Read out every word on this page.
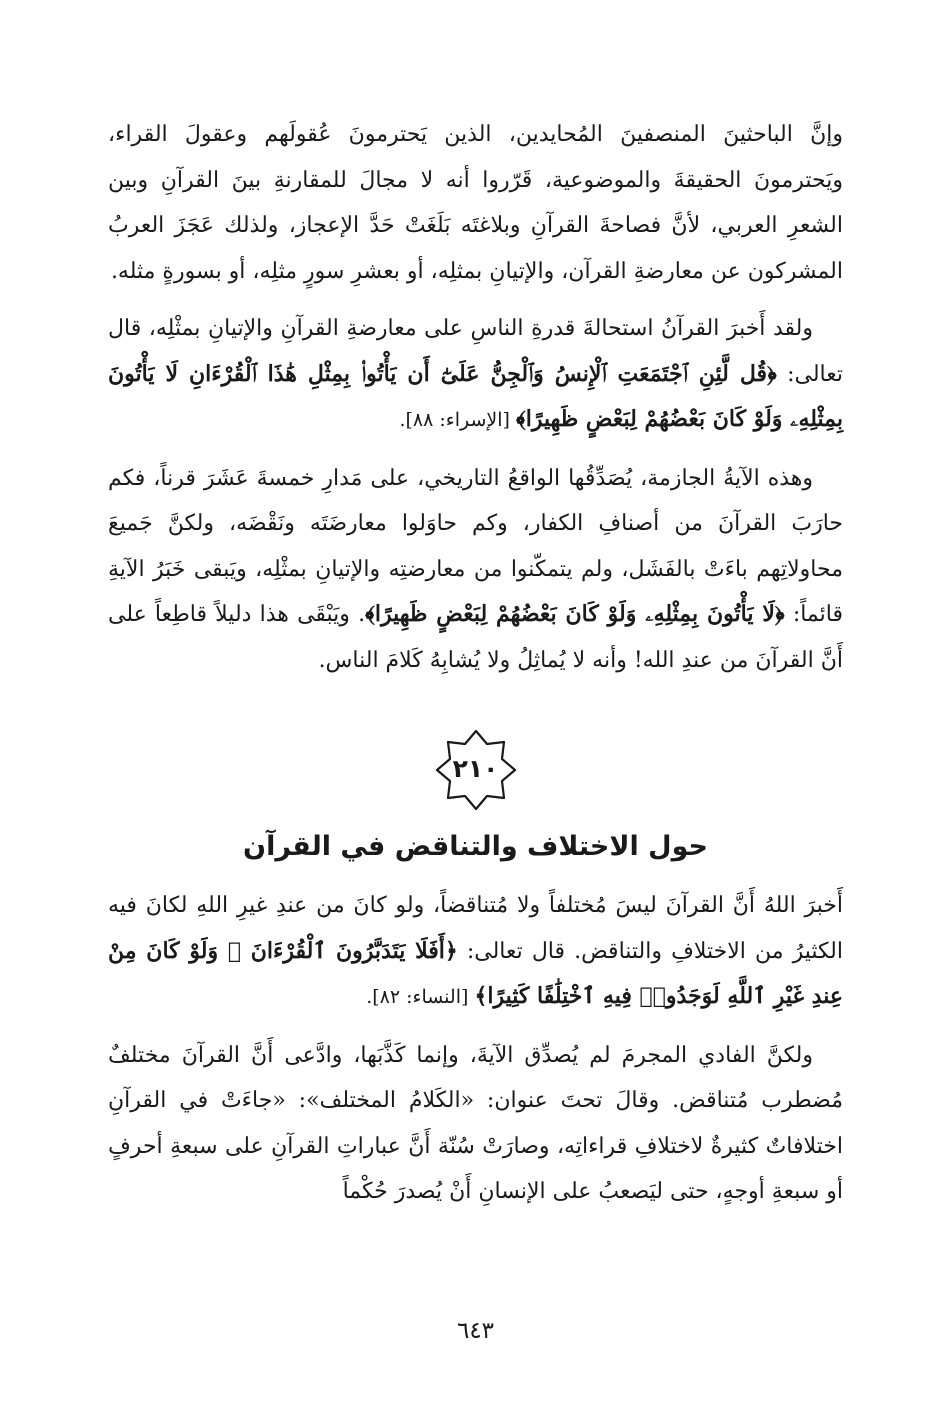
وإنَّ الباحثينَ المنصفينَ المُحايدين، الذين يَحترمونَ عُقولَهم وعقولَ القراء، ويَحترمونَ الحقيقةَ والموضوعية، قَرّروا أنه لا مجالَ للمقارنةِ بينَ القرآنِ وبين الشعرِ العربي، لأنَّ فصاحةَ القرآنِ وبلاغتَه بَلَغَتْ حَدَّ الإعجاز، ولذلك عَجَزَ العربُ المشركون عن معارضةِ القرآن، والإتيانِ بمثلِه، أو بعشرِ سورٍ مثلِه، أو بسورةٍ مثله.

ولقد أَخبرَ القرآنُ استحالةَ قدرةِ الناسِ على معارضةِ القرآنِ والإتيانِ بمثْلِه، قال تعالى: ﴿قُل لَّئِنِ ٱجْتَمَعَتِ ٱلْإِنسُ وَٱلْجِنُّ عَلَىٰٓ أَن يَأْتُوا۟ بِمِثْلِ هَٰذَا ٱلْقُرْءَانِ لَا يَأْتُونَ بِمِثْلِهِۦ وَلَوْ كَانَ بَعْضُهُمْ لِبَعْضٍ ظَهِيرًا﴾ [الإسراء: ٨٨].

وهذه الآيةُ الجازمة، يُصَدِّقُها الواقعُ التاريخي، على مَدارِ خمسةَ عَشَرَ قرناً، فكم حارَبَ القرآنَ من أصنافِ الكفار، وكم حاوَلوا معارضَتَه ونَقْضَه، ولكنَّ جَميعَ محاولاتِهم باءَتْ بالفَشَل، ولم يتمكّنوا من معارضتِه والإتيانِ بمثْلِه، ويَبقى خَبَرُ الآيةِ قائماً: ﴿لَا يَأْتُونَ بِمِثْلِهِۦ وَلَوْ كَانَ بَعْضُهُمْ لِبَعْضٍ ظَهِيرًا﴾. ويَبْقَى هذا دليلاً قاطِعاً على أَنَّ القرآنَ من عندِ الله! وأنه لا يُماثِلُ ولا يُشابِهُ كَلامَ الناس.

٢١٠
حول الاختلاف والتناقض في القرآن

أَخبرَ اللهُ أَنَّ القرآنَ ليسَ مُختلفاً ولا مُتناقضاً، ولو كانَ من عندِ غيرِ اللهِ لكانَ فيه الكثيرُ من الاختلافِ والتناقض. قال تعالى: ﴿أَفَلَا يَتَدَبَّرُونَ ٱلْقُرْءَانَ ۚ وَلَوْ كَانَ مِنْ عِندِ غَيْرِ ٱللَّهِ لَوَجَدُوا۟ فِيهِ ٱخْتِلَٰفًا كَثِيرًا﴾ [النساء: ٨٢].

ولكنَّ الفادي المجرمَ لم يُصدِّق الآيةَ، وإنما كَذَّبَها، وادَّعى أَنَّ القرآنَ مختلفٌ مُضطرب مُتناقض. وقالَ تحتَ عنوان: «الكَلامُ المختلف»: «جاءَتْ في القرآنِ اختلافاتٌ كثيرةٌ لاختلافِ قراءاتِه، وصارَتْ سُنّة أَنَّ عباراتِ القرآنِ على سبعةِ أحرفٍ أو سبعةِ أوجهٍ، حتى ليَصعبُ على الإنسانِ أَنْ يُصدرَ حُكْماً

٦٤٣
